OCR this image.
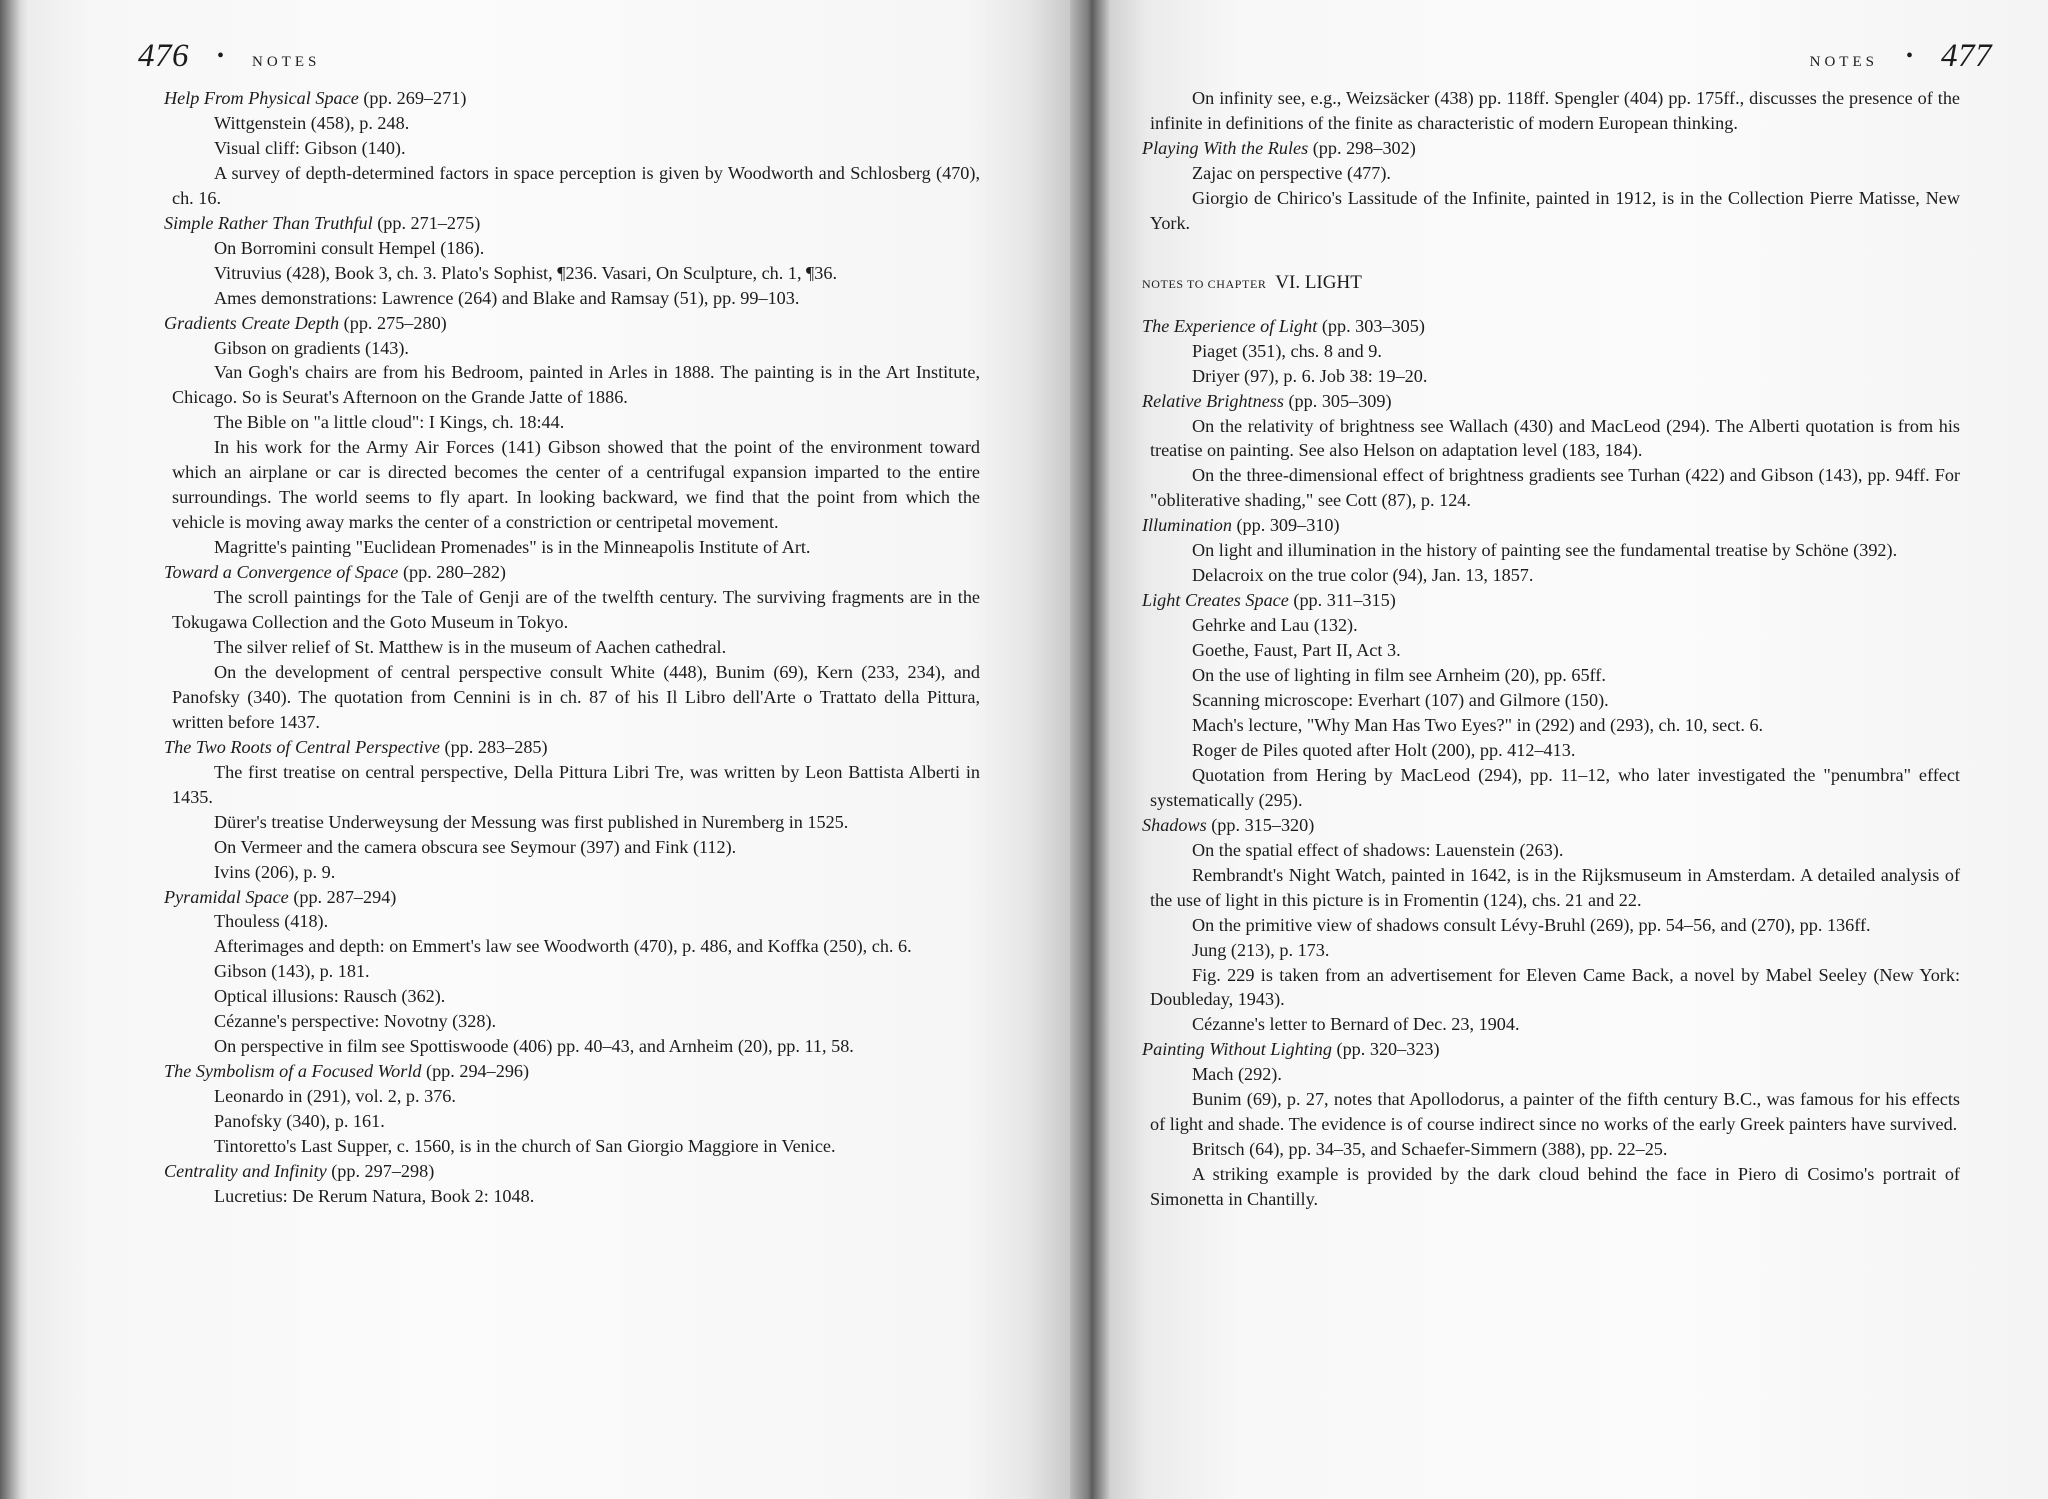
476 • NOTES	NOTES • 477
Help From Physical Space (pp. 269–271)
Wittgenstein (458), p. 248.
Visual cliff: Gibson (140).
A survey of depth-determined factors in space perception is given by Woodworth and Schlosberg (470), ch. 16.
Simple Rather Than Truthful (pp. 271–275)
On Borromini consult Hempel (186).
Vitruvius (428), Book 3, ch. 3. Plato's Sophist, ¶236. Vasari, On Sculpture, ch. 1, ¶36.
Ames demonstrations: Lawrence (264) and Blake and Ramsay (51), pp. 99–103.
Gradients Create Depth (pp. 275–280)
Gibson on gradients (143).
Van Gogh's chairs are from his Bedroom, painted in Arles in 1888. The painting is in the Art Institute, Chicago. So is Seurat's Afternoon on the Grande Jatte of 1886.
The Bible on "a little cloud": I Kings, ch. 18:44.
In his work for the Army Air Forces (141) Gibson showed that the point of the environment toward which an airplane or car is directed becomes the center of a centrifugal expansion imparted to the entire surroundings. The world seems to fly apart. In looking backward, we find that the point from which the vehicle is moving away marks the center of a constriction or centripetal movement.
Magritte's painting "Euclidean Promenades" is in the Minneapolis Institute of Art.
Toward a Convergence of Space (pp. 280–282)
The scroll paintings for the Tale of Genji are of the twelfth century. The surviving fragments are in the Tokugawa Collection and the Goto Museum in Tokyo.
The silver relief of St. Matthew is in the museum of Aachen cathedral.
On the development of central perspective consult White (448), Bunim (69), Kern (233, 234), and Panofsky (340). The quotation from Cennini is in ch. 87 of his Il Libro dell'Arte o Trattato della Pittura, written before 1437.
The Two Roots of Central Perspective (pp. 283–285)
The first treatise on central perspective, Della Pittura Libri Tre, was written by Leon Battista Alberti in 1435.
Dürer's treatise Underweysung der Messung was first published in Nuremberg in 1525.
On Vermeer and the camera obscura see Seymour (397) and Fink (112).
Ivins (206), p. 9.
Pyramidal Space (pp. 287–294)
Thouless (418).
Afterimages and depth: on Emmert's law see Woodworth (470), p. 486, and Koffka (250), ch. 6.
Gibson (143), p. 181.
Optical illusions: Rausch (362).
Cézanne's perspective: Novotny (328).
On perspective in film see Spottiswoode (406) pp. 40–43, and Arnheim (20), pp. 11, 58.
The Symbolism of a Focused World (pp. 294–296)
Leonardo in (291), vol. 2, p. 376.
Panofsky (340), p. 161.
Tintoretto's Last Supper, c. 1560, is in the church of San Giorgio Maggiore in Venice.
Centrality and Infinity (pp. 297–298)
Lucretius: De Rerum Natura, Book 2: 1048.
On infinity see, e.g., Weizsäcker (438) pp. 118ff. Spengler (404) pp. 175ff., discusses the presence of the infinite in definitions of the finite as characteristic of modern European thinking.
Playing With the Rules (pp. 298–302)
Zajac on perspective (477).
Giorgio de Chirico's Lassitude of the Infinite, painted in 1912, is in the Collection Pierre Matisse, New York.
NOTES TO CHAPTER VI. LIGHT
The Experience of Light (pp. 303–305)
Piaget (351), chs. 8 and 9.
Driyer (97), p. 6. Job 38: 19–20.
Relative Brightness (pp. 305–309)
On the relativity of brightness see Wallach (430) and MacLeod (294). The Alberti quotation is from his treatise on painting. See also Helson on adaptation level (183, 184).
On the three-dimensional effect of brightness gradients see Turhan (422) and Gibson (143), pp. 94ff. For "obliterative shading," see Cott (87), p. 124.
Illumination (pp. 309–310)
On light and illumination in the history of painting see the fundamental treatise by Schöne (392).
Delacroix on the true color (94), Jan. 13, 1857.
Light Creates Space (pp. 311–315)
Gehrke and Lau (132).
Goethe, Faust, Part II, Act 3.
On the use of lighting in film see Arnheim (20), pp. 65ff.
Scanning microscope: Everhart (107) and Gilmore (150).
Mach's lecture, "Why Man Has Two Eyes?" in (292) and (293), ch. 10, sect. 6.
Roger de Piles quoted after Holt (200), pp. 412–413.
Quotation from Hering by MacLeod (294), pp. 11–12, who later investigated the "penumbra" effect systematically (295).
Shadows (pp. 315–320)
On the spatial effect of shadows: Lauenstein (263).
Rembrandt's Night Watch, painted in 1642, is in the Rijksmuseum in Amsterdam. A detailed analysis of the use of light in this picture is in Fromentin (124), chs. 21 and 22.
On the primitive view of shadows consult Lévy-Bruhl (269), pp. 54–56, and (270), pp. 136ff.
Jung (213), p. 173.
Fig. 229 is taken from an advertisement for Eleven Came Back, a novel by Mabel Seeley (New York: Doubleday, 1943).
Cézanne's letter to Bernard of Dec. 23, 1904.
Painting Without Lighting (pp. 320–323)
Mach (292).
Bunim (69), p. 27, notes that Apollodorus, a painter of the fifth century B.C., was famous for his effects of light and shade. The evidence is of course indirect since no works of the early Greek painters have survived.
Britsch (64), pp. 34–35, and Schaefer-Simmern (388), pp. 22–25.
A striking example is provided by the dark cloud behind the face in Piero di Cosimo's portrait of Simonetta in Chantilly.
